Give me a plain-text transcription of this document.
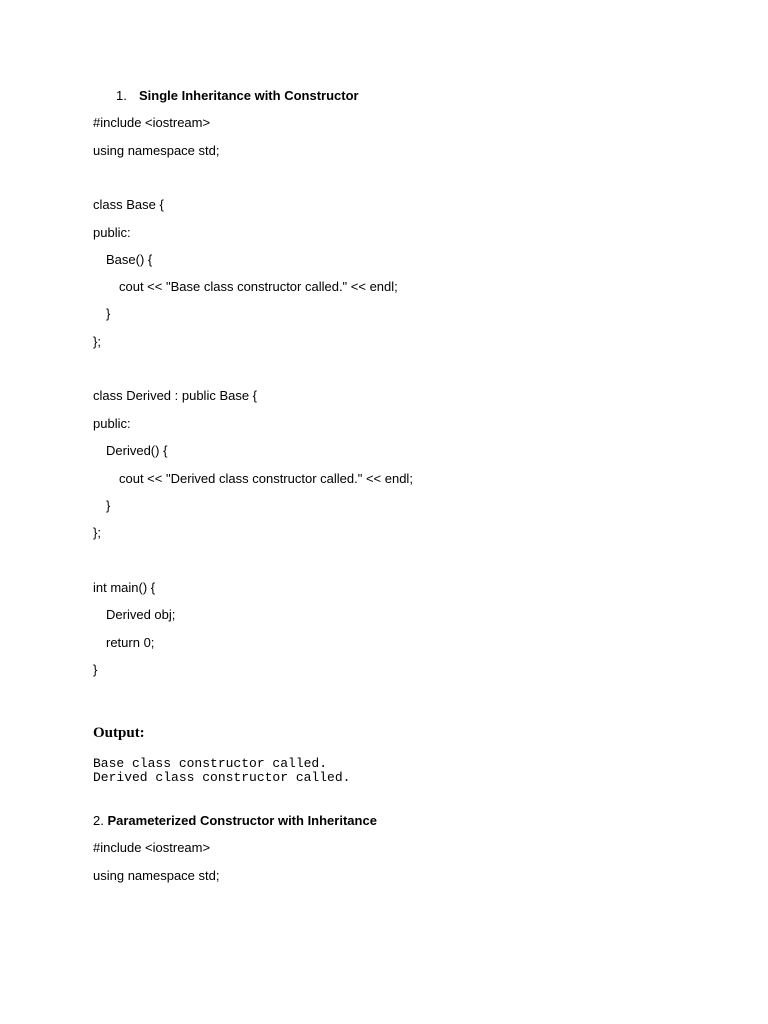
1. Single Inheritance with Constructor
#include <iostream>
using namespace std;
class Base {
public:
Base() {
cout << "Base class constructor called." << endl;
}
};
class Derived : public Base {
public:
Derived() {
cout << "Derived class constructor called." << endl;
}
};
int main() {
Derived obj;
return 0;
}
Output:
Base class constructor called.
Derived class constructor called.
2. Parameterized Constructor with Inheritance
#include <iostream>
using namespace std;
